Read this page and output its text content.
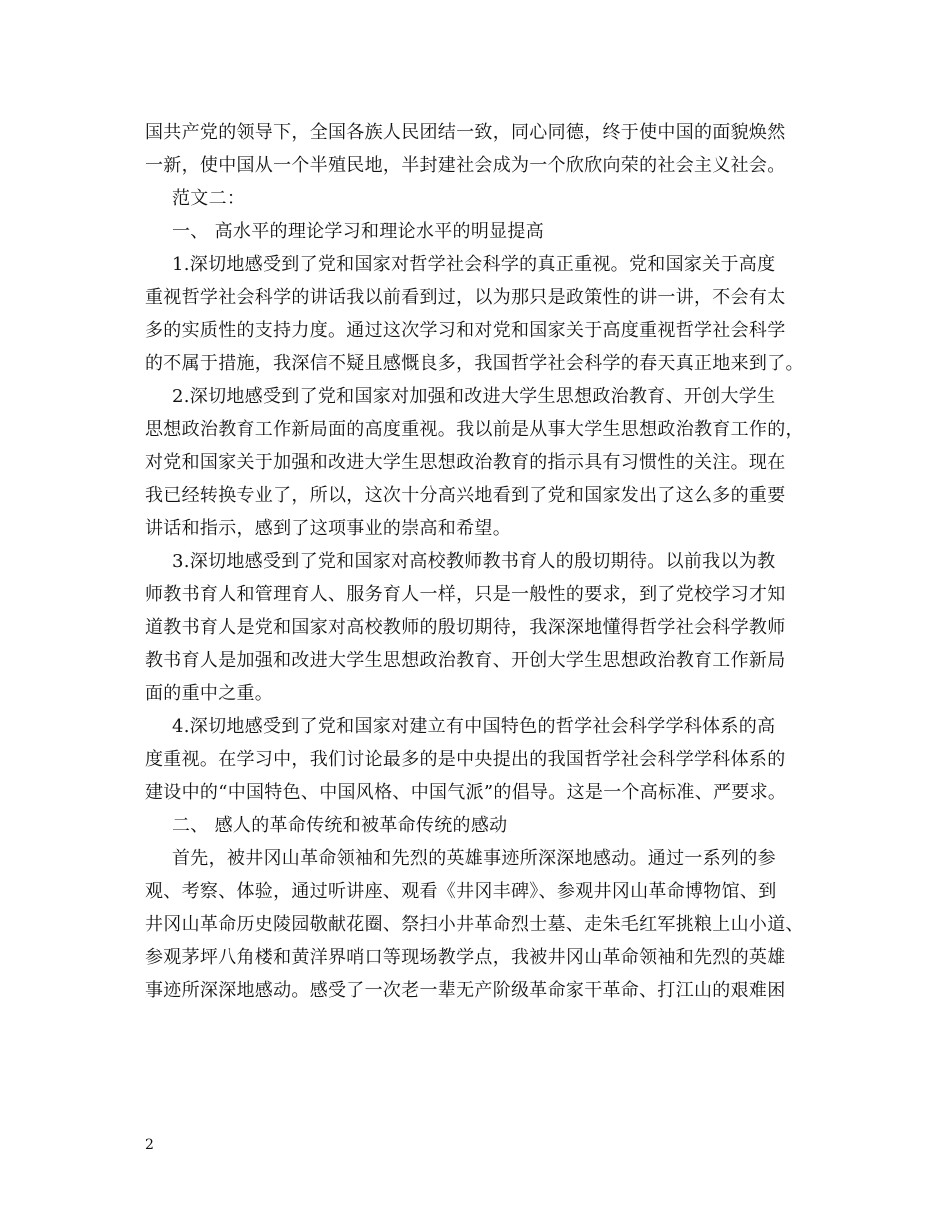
国共产党的领导下，全国各族人民团结一致，同心同德，终于使中国的面貌焕然
一新，使中国从一个半殖民地，半封建社会成为一个欣欣向荣的社会主义社会。
范文二：
一、 高水平的理论学习和理论水平的明显提高
1.深切地感受到了党和国家对哲学社会科学的真正重视。党和国家关于高度
重视哲学社会科学的讲话我以前看到过，以为那只是政策性的讲一讲，不会有太
多的实质性的支持力度。通过这次学习和对党和国家关于高度重视哲学社会科学
的不属于措施，我深信不疑且感慨良多，我国哲学社会科学的春天真正地来到了。
2.深切地感受到了党和国家对加强和改进大学生思想政治教育、开创大学生
思想政治教育工作新局面的高度重视。我以前是从事大学生思想政治教育工作的，
对党和国家关于加强和改进大学生思想政治教育的指示具有习惯性的关注。现在
我已经转换专业了，所以，这次十分高兴地看到了党和国家发出了这么多的重要
讲话和指示，感到了这项事业的崇高和希望。
3.深切地感受到了党和国家对高校教师教书育人的殷切期待。以前我以为教
师教书育人和管理育人、服务育人一样，只是一般性的要求，到了党校学习才知
道教书育人是党和国家对高校教师的殷切期待，我深深地懂得哲学社会科学教师
教书育人是加强和改进大学生思想政治教育、开创大学生思想政治教育工作新局
面的重中之重。
4.深切地感受到了党和国家对建立有中国特色的哲学社会科学学科体系的高
度重视。在学习中，我们讨论最多的是中央提出的我国哲学社会科学学科体系的
建设中的“中国特色、中国风格、中国气派”的倡导。这是一个高标准、严要求。
二、 感人的革命传统和被革命传统的感动
首先，被井冈山革命领袖和先烈的英雄事迹所深深地感动。通过一系列的参
观、考察、体验，通过听讲座、观看《井冈丰碑》、参观井冈山革命博物馆、到
井冈山革命历史陵园敬献花圈、祭扫小井革命烈士墓、走朱毛红军挑粮上山小道、
参观茅坪八角楼和黄洋界哨口等现场教学点，我被井冈山革命领袖和先烈的英雄
事迹所深深地感动。感受了一次老一辈无产阶级革命家干革命、打江山的艰难困
2
